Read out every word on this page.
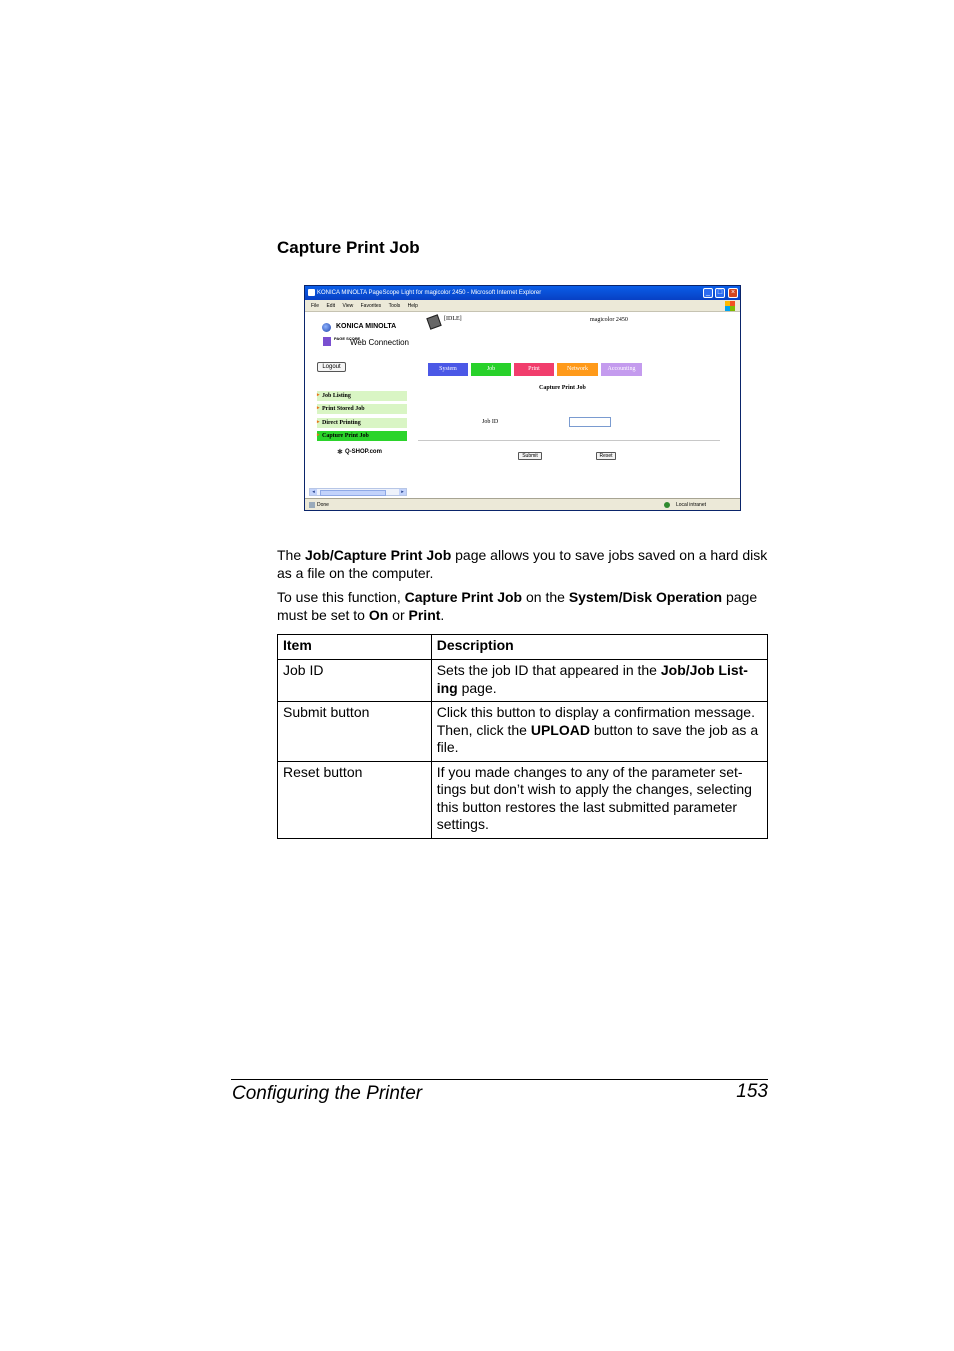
Capture Print Job
KONICA MINOLTA PageScope Light for magicolor 2450 - Microsoft Internet Explorer	_	□	×
File Edit View Favorites Tools Help
KONICA MINOLTA
PAGE SCOPE
Web Connection
Logout
▸ Job Listing
▸ Print Stored Job
▸ Direct Printing
▸ Capture Print Job
✱ Q-SHOP.com
[IDLE]	magicolor 2450
System	Job	Print	Network	Accounting
Capture Print Job
Job ID
Submit	Reset
◂	▸
Done	Local intranet
The Job/Capture Print Job page allows you to save jobs saved on a hard disk as a file on the computer.
To use this function, Capture Print Job on the System/Disk Operation page must be set to On or Print.
Item	Description
Job ID	Sets the job ID that appeared in the Job/Job List-ing page.
Submit button	Click this button to display a confirmation message. Then, click the UPLOAD button to save the job as a file.
Reset button	If you made changes to any of the parameter set-tings but don’t wish to apply the changes, selecting this button restores the last submitted parameter settings.
Configuring the Printer	153
